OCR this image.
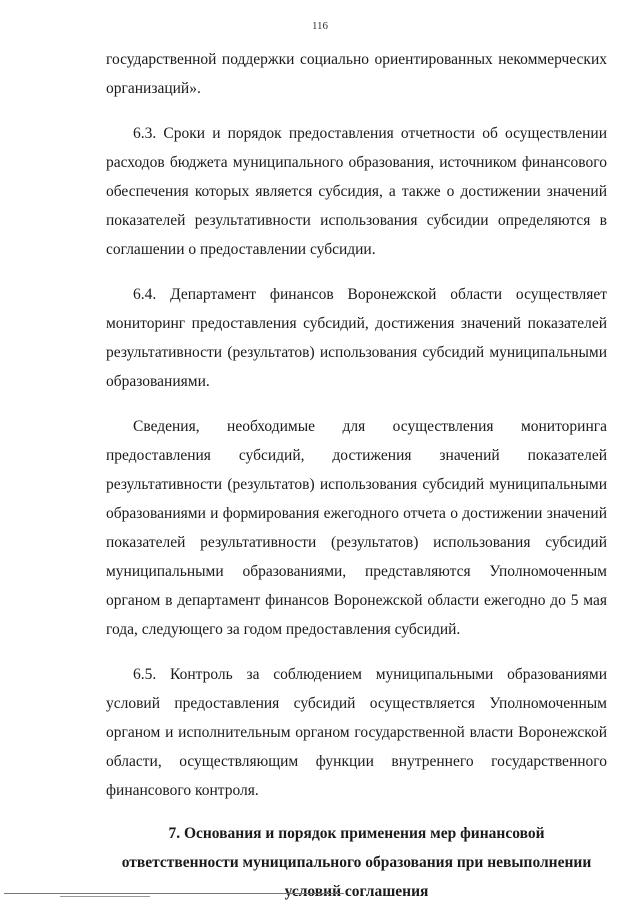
116

государственной поддержки социально ориентированных некоммерческих организаций».

6.3. Сроки и порядок предоставления отчетности об осуществлении расходов бюджета муниципального образования, источником финансового обеспечения которых является субсидия, а также о достижении значений показателей результативности использования субсидии определяются в соглашении о предоставлении субсидии.

6.4. Департамент финансов Воронежской области осуществляет мониторинг предоставления субсидий, достижения значений показателей результативности (результатов) использования субсидий муниципальными образованиями.

Сведения, необходимые для осуществления мониторинга предоставления субсидий, достижения значений показателей результативности (результатов) использования субсидий муниципальными образованиями и формирования ежегодного отчета о достижении значений показателей результативности (результатов) использования субсидий муниципальными образованиями, представляются Уполномоченным органом в департамент финансов Воронежской области ежегодно до 5 мая года, следующего за годом предоставления субсидий.

6.5. Контроль за соблюдением муниципальными образованиями условий предоставления субсидий осуществляется Уполномоченным органом и исполнительным органом государственной власти Воронежской области, осуществляющим функции внутреннего государственного финансового контроля.

7. Основания и порядок применения мер финансовой
ответственности муниципального образования при невыполнении
условий соглашения
